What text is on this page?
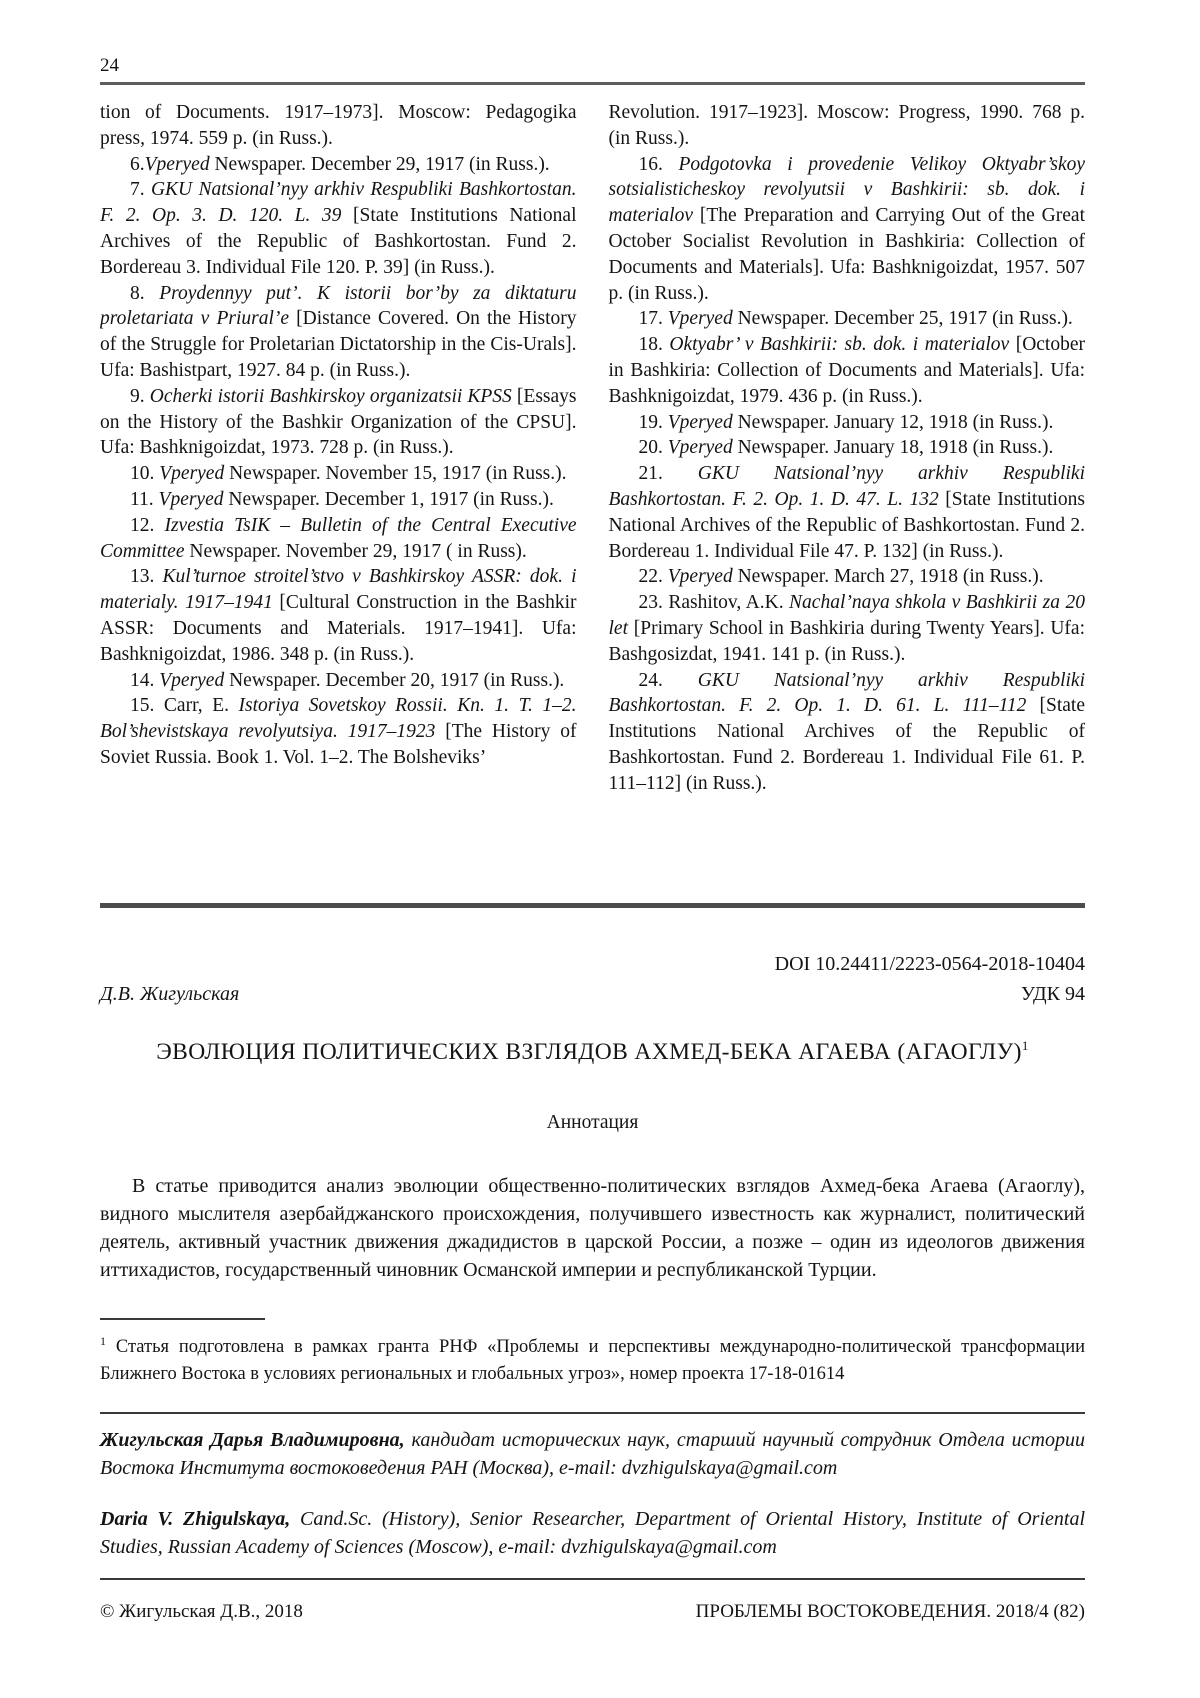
24

tion of Documents. 1917–1973]. Moscow: Pedagogika press, 1974. 559 p. (in Russ.).

6.Vperyed Newspaper. December 29, 1917 (in Russ.).

7. GKU Natsional’nyy arkhiv Respubliki Bashkortostan. F. 2. Op. 3. D. 120. L. 39 [State Institutions National Archives of the Republic of Bashkortostan. Fund 2. Bordereau 3. Individual File 120. P. 39] (in Russ.).

8. Proydennyy put’. K istorii bor’by za diktaturu proletariata v Priural’e [Distance Covered. On the History of the Struggle for Proletarian Dictatorship in the Cis-Urals]. Ufa: Bashistpart, 1927. 84 p. (in Russ.).

9. Ocherki istorii Bashkirskoy organizatsii KPSS [Essays on the History of the Bashkir Organization of the CPSU]. Ufa: Bashknigoizdat, 1973. 728 p. (in Russ.).

10. Vperyed Newspaper. November 15, 1917 (in Russ.).

11. Vperyed Newspaper. December 1, 1917 (in Russ.).

12. Izvestia TsIK – Bulletin of the Central Executive Committee Newspaper. November 29, 1917 ( in Russ).

13. Kul’turnoe stroitel’stvo v Bashkirskoy ASSR: dok. i materialy. 1917–1941 [Cultural Construction in the Bashkir ASSR: Documents and Materials. 1917–1941]. Ufa: Bashknigoizdat, 1986. 348 p. (in Russ.).

14. Vperyed Newspaper. December 20, 1917 (in Russ.).

15. Carr, E. Istoriya Sovetskoy Rossii. Kn. 1. T. 1–2. Bol’shevistskaya revolyutsiya. 1917–1923 [The History of Soviet Russia. Book 1. Vol. 1–2. The Bolsheviks’

Revolution. 1917–1923]. Moscow: Progress, 1990. 768 p. (in Russ.).

16. Podgotovka i provedenie Velikoy Oktyabr’skoy sotsialisticheskoy revolyutsii v Bashkirii: sb. dok. i materialov [The Preparation and Carrying Out of the Great October Socialist Revolution in Bashkiria: Collection of Documents and Materials]. Ufa: Bashknigoizdat, 1957. 507 p. (in Russ.).

17. Vperyed Newspaper. December 25, 1917 (in Russ.).

18. Oktyabr’ v Bashkirii: sb. dok. i materialov [October in Bashkiria: Collection of Documents and Materials]. Ufa: Bashknigoizdat, 1979. 436 p. (in Russ.).

19. Vperyed Newspaper. January 12, 1918 (in Russ.).

20. Vperyed Newspaper. January 18, 1918 (in Russ.).

21. GKU Natsional’nyy arkhiv Respubliki Bashkortostan. F. 2. Op. 1. D. 47. L. 132 [State Institutions National Archives of the Republic of Bashkortostan. Fund 2. Bordereau 1. Individual File 47. P. 132] (in Russ.).

22. Vperyed Newspaper. March 27, 1918 (in Russ.).

23. Rashitov, A.K. Nachal’naya shkola v Bashkirii za 20 let [Primary School in Bashkiria during Twenty Years]. Ufa: Bashgosizdat, 1941. 141 p. (in Russ.).

24. GKU Natsional’nyy arkhiv Respubliki Bashkortostan. F. 2. Op. 1. D. 61. L. 111–112 [State Institutions National Archives of the Republic of Bashkortostan. Fund 2. Bordereau 1. Individual File 61. P. 111–112] (in Russ.).

DOI 10.24411/2223-0564-2018-10404
Д.В. Жигульская	УДК 94
ЭВОЛЮЦИЯ ПОЛИТИЧЕСКИХ ВЗГЛЯДОВ АХМЕД-БЕКА АГАЕВА (АГАОГЛУ)$^1$
Аннотация

В статье приводится анализ эволюции общественно-политических взглядов Ахмед-бека Агаева (Агаоглу), видного мыслителя азербайджанского происхождения, получившего известность как журналист, политический деятель, активный участник движения джадидистов в царской России, а позже – один из идеологов движения иттихадистов, государственный чиновник Османской империи и республиканской Турции.

$^1$ Статья подготовлена в рамках гранта РНФ «Проблемы и перспективы международно-политической трансформации Ближнего Востока в условиях региональных и глобальных угроз», номер проекта 17-18-01614

Жигульская Дарья Владимировна, кандидат исторических наук, старший научный сотрудник Отдела истории Востока Института востоковедения РАН (Москва), e-mail: dvzhigulskaya@gmail.com

Daria V. Zhigulskaya, Cand.Sc. (History), Senior Researcher, Department of Oriental History, Institute of Oriental Studies, Russian Academy of Sciences (Moscow), e-mail: dvzhigulskaya@gmail.com

© Жигульская Д.В., 2018	ПРОБЛЕМЫ ВОСТОКОВЕДЕНИЯ. 2018/4 (82)
